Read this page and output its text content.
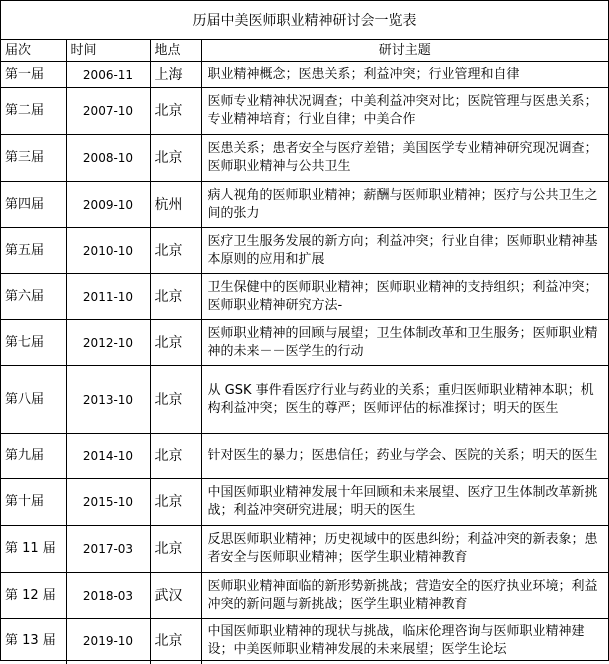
历届中美医师职业精神研讨会一览表
届次	时间	地点	研讨主题
第一届	2006-11	上海	职业精神概念；医患关系；利益冲突；行业管理和自律
第二届	2007-10	北京	医师专业精神状况调查；中美利益冲突对比；医院管理与医患关系；专业精神培育；行业自律；中美合作
第三届	2008-10	北京	医患关系；患者安全与医疗差错；美国医学专业精神研究现况调查；医师职业精神与公共卫生
第四届	2009-10	杭州	病人视角的医师职业精神；薪酬与医师职业精神；医疗与公共卫生之间的张力
第五届	2010-10	北京	医疗卫生服务发展的新方向；利益冲突；行业自律；医师职业精神基本原则的应用和扩展
第六届	2011-10	北京	卫生保健中的医师职业精神；医师职业精神的支持组织；利益冲突；医师职业精神研究方法-
第七届	2012-10	北京	医师职业精神的回顾与展望；卫生体制改革和卫生服务；医师职业精神的未来－－医学生的行动
第八届	2013-10	北京	从 GSK 事件看医疗行业与药业的关系；重归医师职业精神本职；机构利益冲突；医生的尊严；医师评估的标准探讨；明天的医生
第九届	2014-10	北京	针对医生的暴力；医患信任；药业与学会、医院的关系；明天的医生
第十届	2015-10	北京	中国医师职业精神发展十年回顾和未来展望、医疗卫生体制改革新挑战；利益冲突研究进展；明天的医生
第 11 届	2017-03	北京	反思医师职业精神；历史视域中的医患纠纷；利益冲突的新表象；患者安全与医师职业精神；医学生职业精神教育
第 12 届	2018-03	武汉	医师职业精神面临的新形势新挑战；营造安全的医疗执业环境；利益冲突的新问题与新挑战；医学生职业精神教育
第 13 届	2019-10	北京	中国医师职业精神的现状与挑战，临床伦理咨询与医师职业精神建设；中美医师职业精神发展的未来展望；医学生论坛
